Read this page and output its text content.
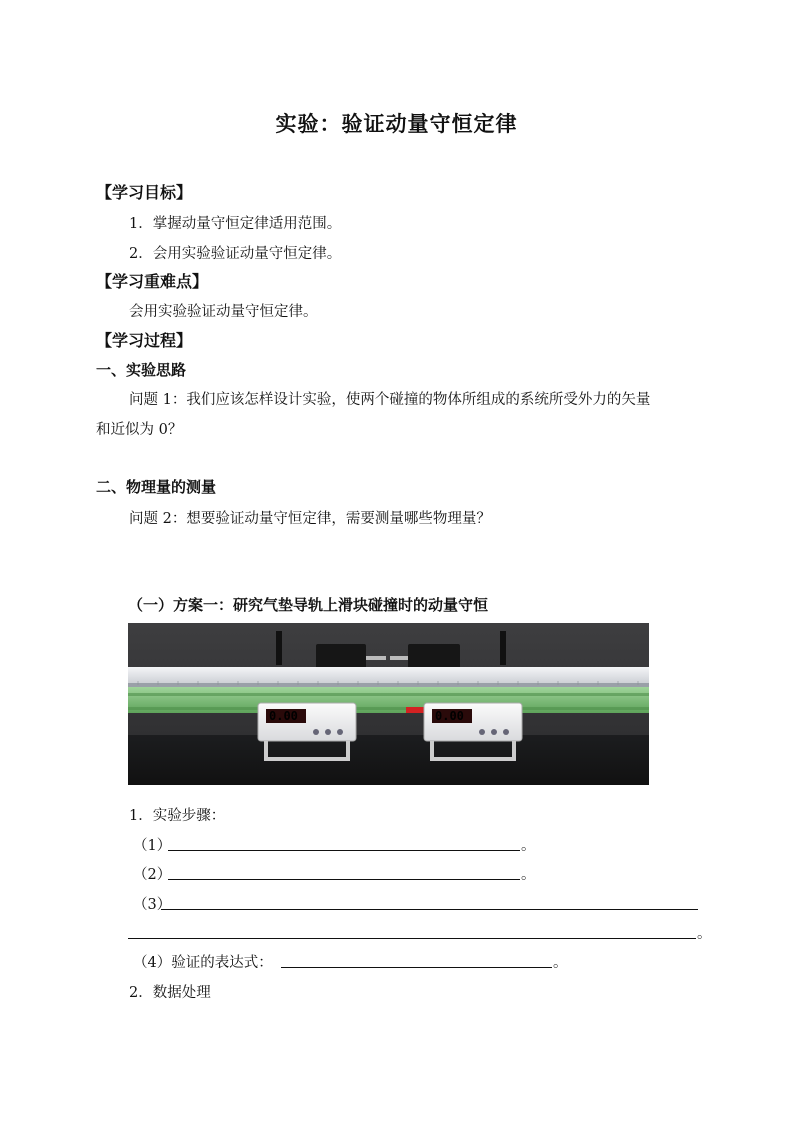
实验：验证动量守恒定律
【学习目标】
1．掌握动量守恒定律适用范围。
2．会用实验验证动量守恒定律。
【学习重难点】
会用实验验证动量守恒定律。
【学习过程】
一、实验思路
问题 1：我们应该怎样设计实验，使两个碰撞的物体所组成的系统所受外力的矢量
和近似为 0？
二、物理量的测量
问题 2：想要验证动量守恒定律，需要测量哪些物理量？
（一）方案一：研究气垫导轨上滑块碰撞时的动量守恒
0.00	0.00
1．实验步骤：
（1）	。
（2）	。
（3）
。
（4）验证的表达式：	。
2．数据处理
